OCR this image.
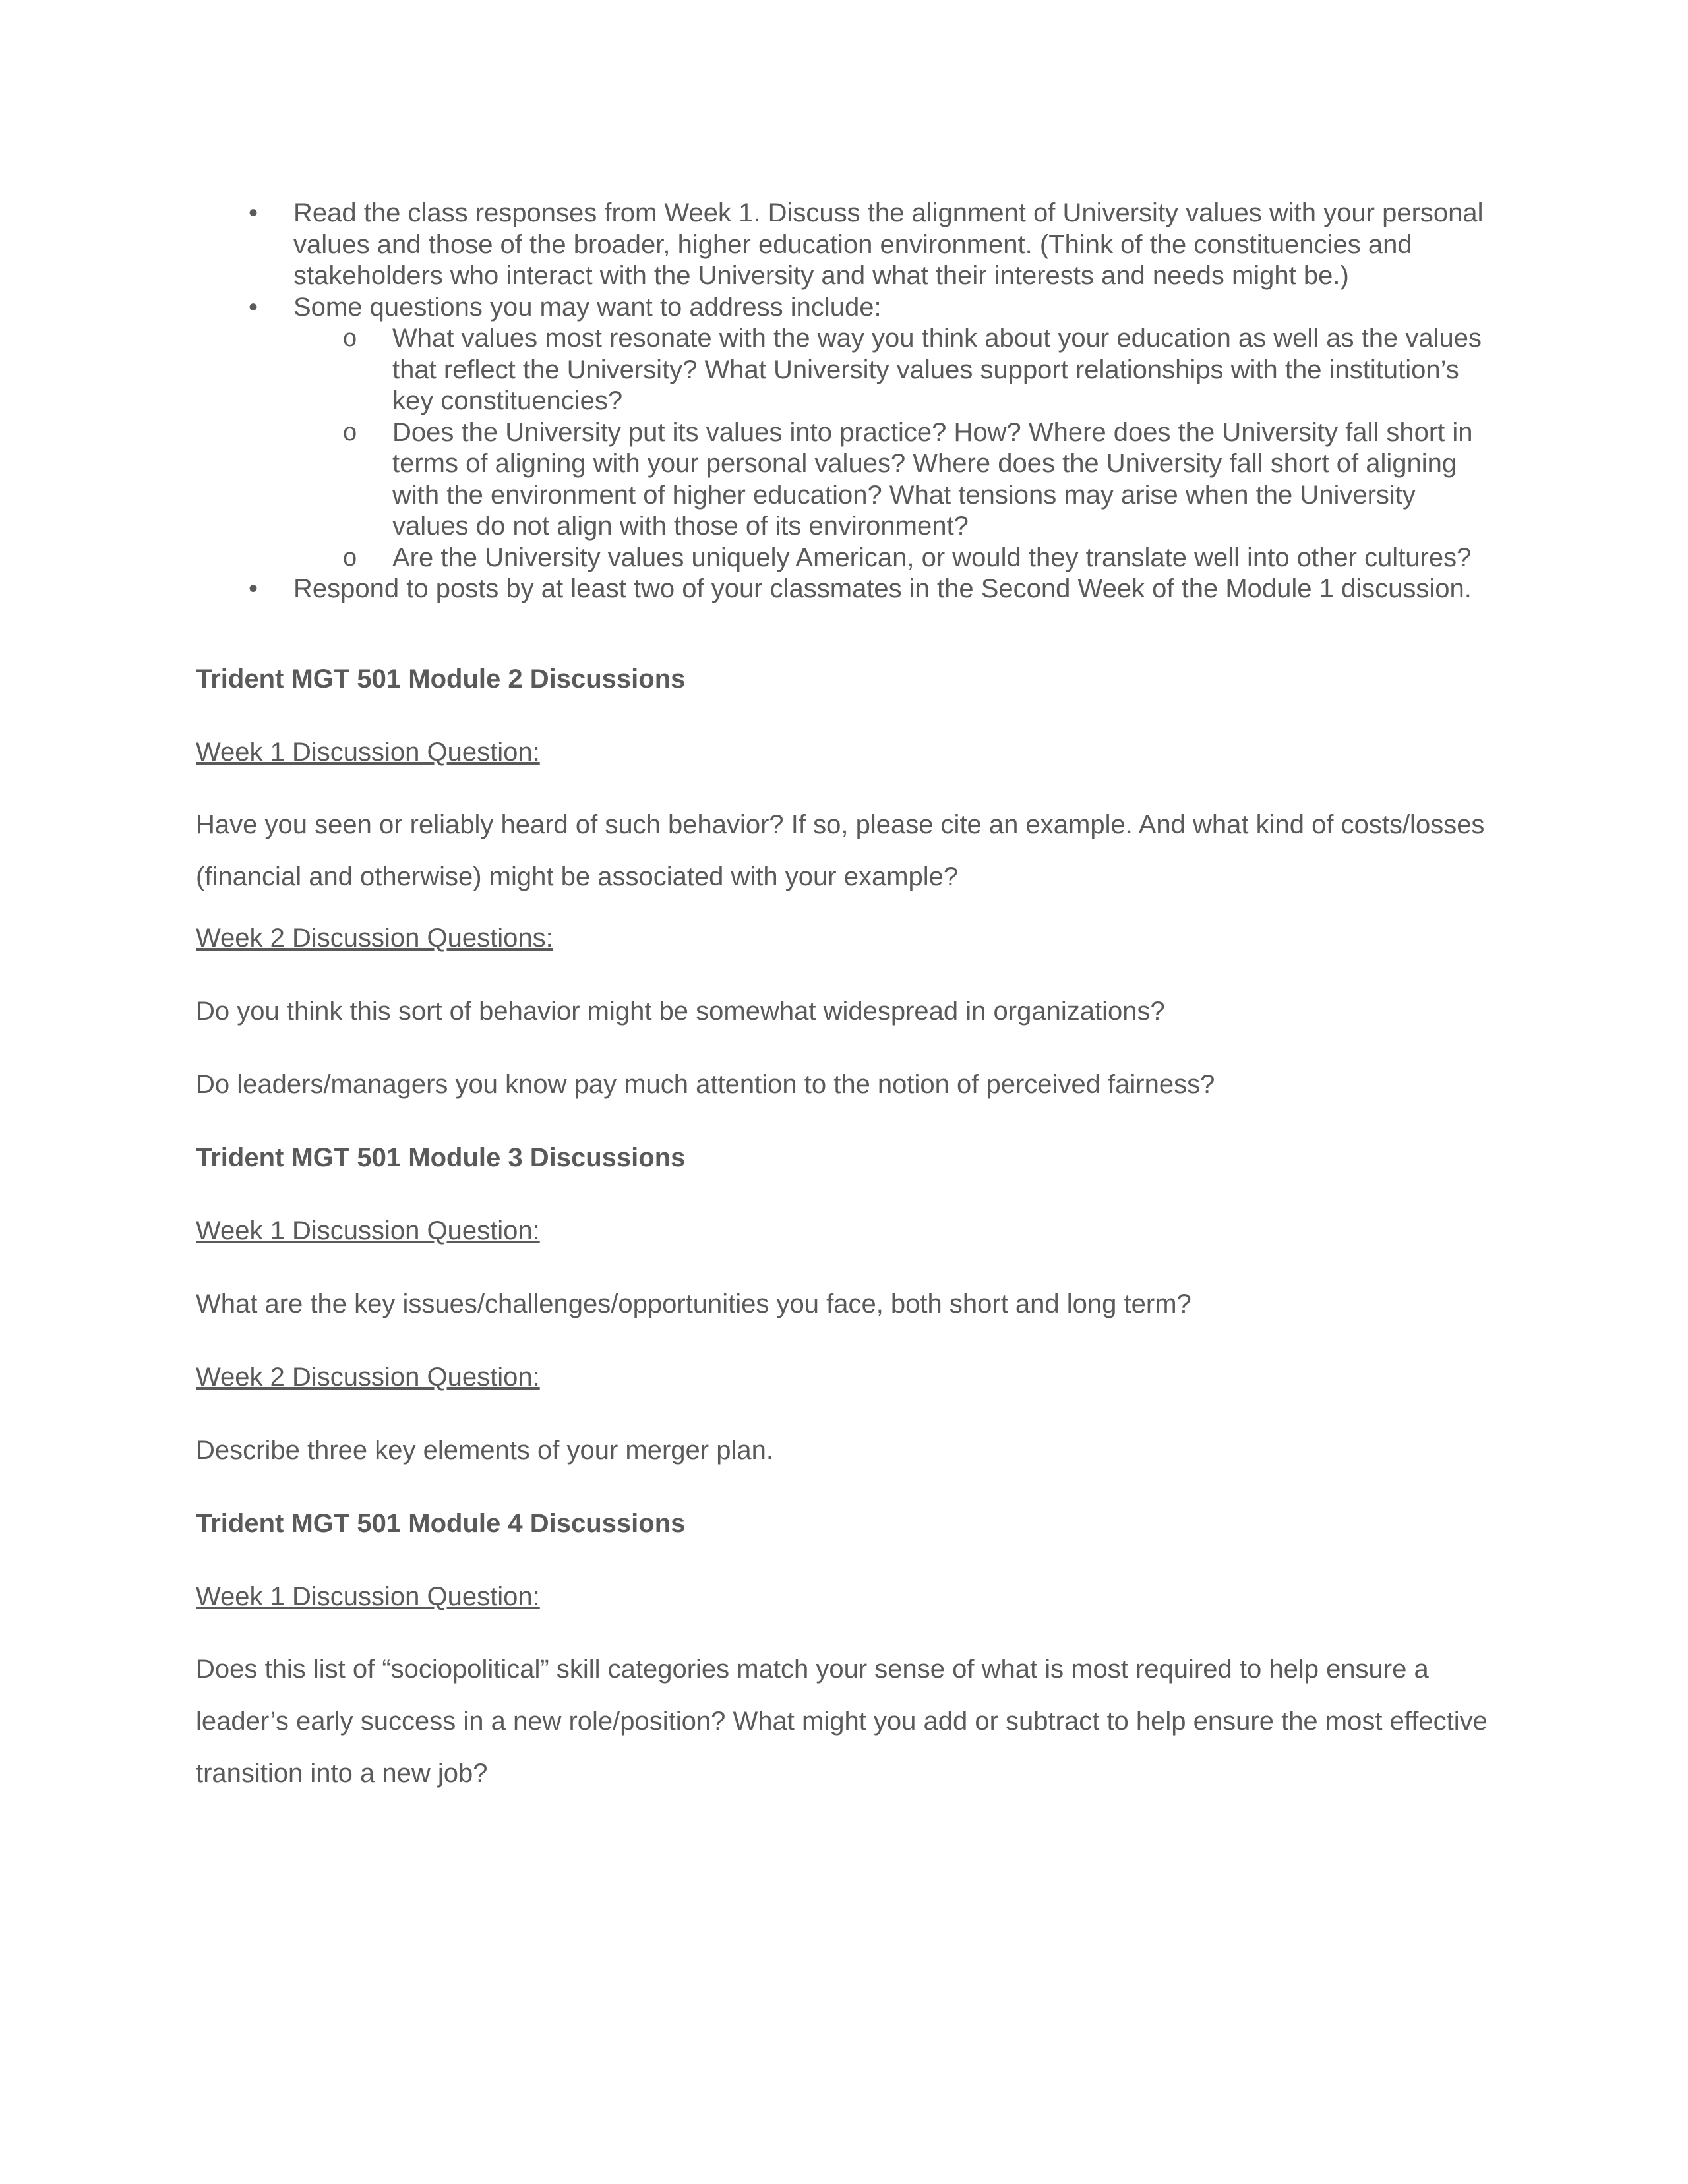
• Read the class responses from Week 1. Discuss the alignment of University values with your personal values and those of the broader, higher education environment. (Think of the constituencies and stakeholders who interact with the University and what their interests and needs might be.)
• Some questions you may want to address include:
o What values most resonate with the way you think about your education as well as the values that reflect the University? What University values support relationships with the institution’s key constituencies?
o Does the University put its values into practice? How? Where does the University fall short in terms of aligning with your personal values? Where does the University fall short of aligning with the environment of higher education? What tensions may arise when the University values do not align with those of its environment?
o Are the University values uniquely American, or would they translate well into other cultures?
• Respond to posts by at least two of your classmates in the Second Week of the Module 1 discussion.

Trident MGT 501 Module 2 Discussions

Week 1 Discussion Question:

Have you seen or reliably heard of such behavior? If so, please cite an example. And what kind of costs/losses (financial and otherwise) might be associated with your example?

Week 2 Discussion Questions:

Do you think this sort of behavior might be somewhat widespread in organizations?

Do leaders/managers you know pay much attention to the notion of perceived fairness?

Trident MGT 501 Module 3 Discussions

Week 1 Discussion Question:

What are the key issues/challenges/opportunities you face, both short and long term?

Week 2 Discussion Question:

Describe three key elements of your merger plan.

Trident MGT 501 Module 4 Discussions

Week 1 Discussion Question:

Does this list of “sociopolitical” skill categories match your sense of what is most required to help ensure a leader’s early success in a new role/position? What might you add or subtract to help ensure the most effective transition into a new job?
